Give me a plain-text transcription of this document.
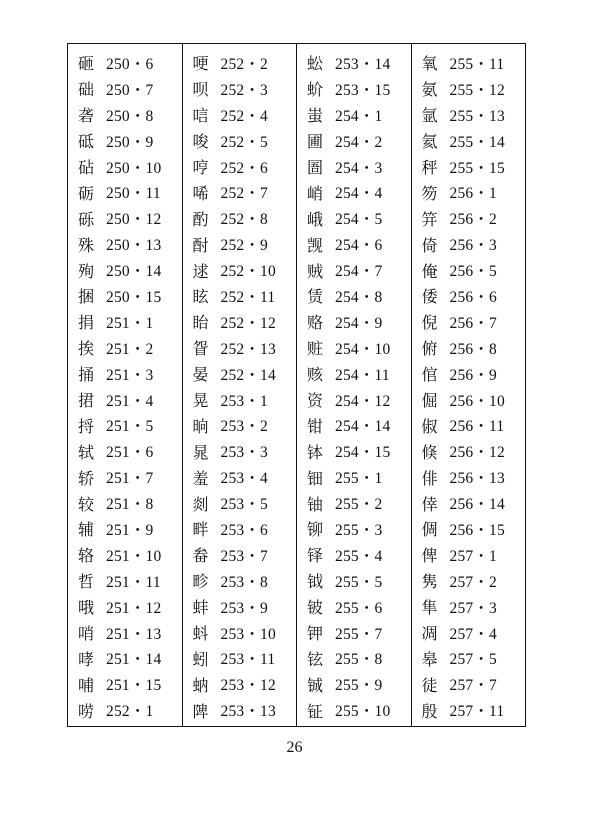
砸 250・6
础 250・7
砻 250・8
砥 250・9
砧 250・10
砺 250・11
砾 250・12
殊 250・13
殉 250・14
捆 250・15
捐 251・1
挨 251・2
捅 251・3
捃 251・4
捋 251・5
轼 251・6
轿 251・7
较 251・8
辅 251・9
辂 251・10
哲 251・11
哦 251・12
哨 251・13
哮 251・14
哺 251・15
唠 252・1
哽 252・2
呗 252・3
唁 252・4
唆 252・5
哼 252・6
唏 252・7
酌 252・8
酎 252・9
逑 252・10
眩 252・11
眙 252・12
眢 252・13
晏 252・14
晃 253・1
晌 253・2
晁 253・3
羞 253・4
剡 253・5
畔 253・6
畚 253・7
畛 253・8
蚌 253・9
蚪 253・10
蚓 253・11
蚋 253・12
陴 253・13
蚣 253・14
蚧 253・15
蚩 254・1
圃 254・2
圄 254・3
峭 254・4
峨 254・5
觊 254・6
贼 254・7
赁 254・8
赂 254・9
赃 254・10
赅 254・11
资 254・12
钳 254・14
钵 254・15
钿 255・1
铀 255・2
铆 255・3
铎 255・4
钺 255・5
铍 255・6
钾 255・7
铉 255・8
铖 255・9
钲 255・10
氧 255・11
氨 255・12
氩 255・13
氦 255・14
秤 255・15
笏 256・1
笄 256・2
倚 256・3
俺 256・5
倭 256・6
倪 256・7
俯 256・8
倌 256・9
倔 256・10
俶 256・11
倏 256・12
俳 256・13
倖 256・14
倜 256・15
俾 257・1
隽 257・2
隼 257・3
凋 257・4
皋 257・5
徒 257・7
殷 257・11
26
